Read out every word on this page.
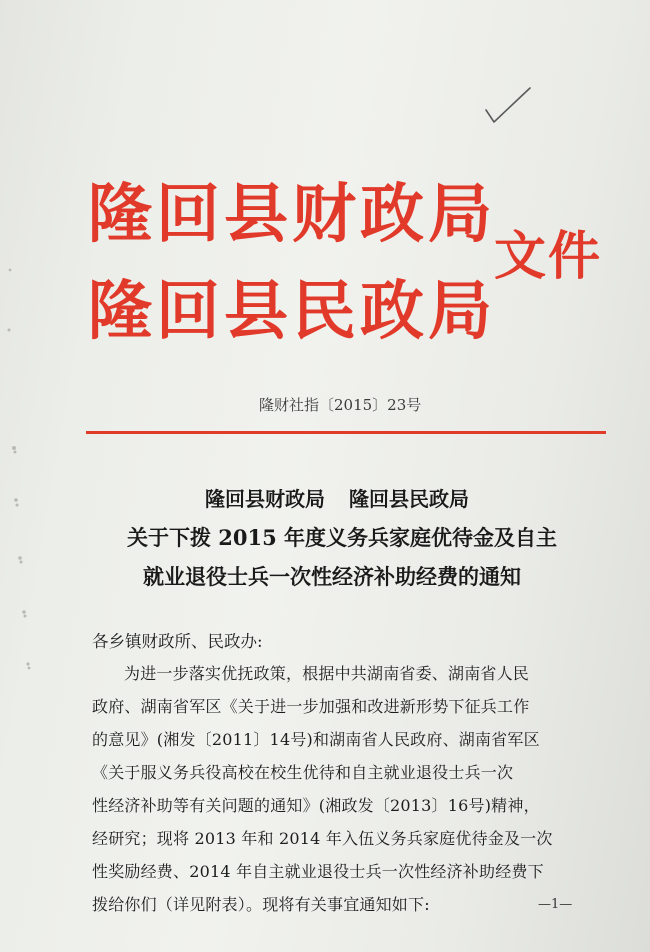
隆回县财政局
隆回县民政局
文件
隆财社指〔2015〕23号
隆回县财政局 隆回县民政局
关于下拨 2015 年度义务兵家庭优待金及自主
就业退役士兵一次性经济补助经费的通知
各乡镇财政所、民政办:
为进一步落实优抚政策，根据中共湖南省委、湖南省人民
政府、湖南省军区《关于进一步加强和改进新形势下征兵工作
的意见》(湘发〔2011〕14号)和湖南省人民政府、湖南省军区
《关于服义务兵役高校在校生优待和自主就业退役士兵一次
性经济补助等有关问题的通知》(湘政发〔2013〕16号)精神，
经研究；现将 2013 年和 2014 年入伍义务兵家庭优待金及一次
性奖励经费、2014 年自主就业退役士兵一次性经济补助经费下
拨给你们（详见附表）。现将有关事宜通知如下:	—1—
